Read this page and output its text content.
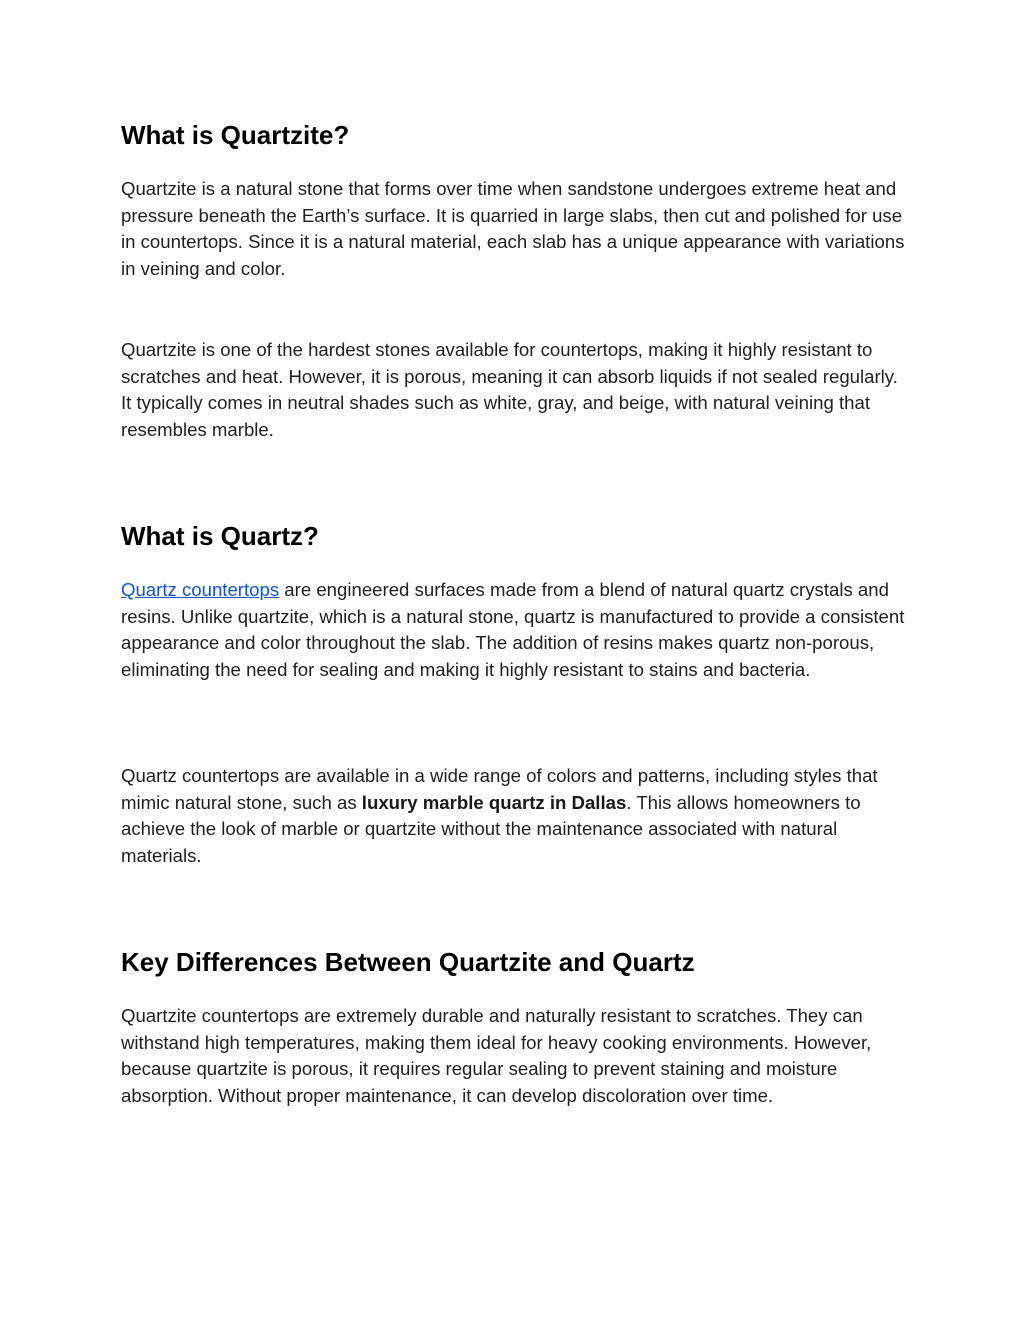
What is Quartzite?

Quartzite is a natural stone that forms over time when sandstone undergoes extreme heat and pressure beneath the Earth’s surface. It is quarried in large slabs, then cut and polished for use in countertops. Since it is a natural material, each slab has a unique appearance with variations in veining and color.

Quartzite is one of the hardest stones available for countertops, making it highly resistant to scratches and heat. However, it is porous, meaning it can absorb liquids if not sealed regularly. It typically comes in neutral shades such as white, gray, and beige, with natural veining that resembles marble.

What is Quartz?

Quartz countertops are engineered surfaces made from a blend of natural quartz crystals and resins. Unlike quartzite, which is a natural stone, quartz is manufactured to provide a consistent appearance and color throughout the slab. The addition of resins makes quartz non-porous, eliminating the need for sealing and making it highly resistant to stains and bacteria.

Quartz countertops are available in a wide range of colors and patterns, including styles that mimic natural stone, such as luxury marble quartz in Dallas. This allows homeowners to achieve the look of marble or quartzite without the maintenance associated with natural materials.

Key Differences Between Quartzite and Quartz

Quartzite countertops are extremely durable and naturally resistant to scratches. They can withstand high temperatures, making them ideal for heavy cooking environments. However, because quartzite is porous, it requires regular sealing to prevent staining and moisture absorption. Without proper maintenance, it can develop discoloration over time.
